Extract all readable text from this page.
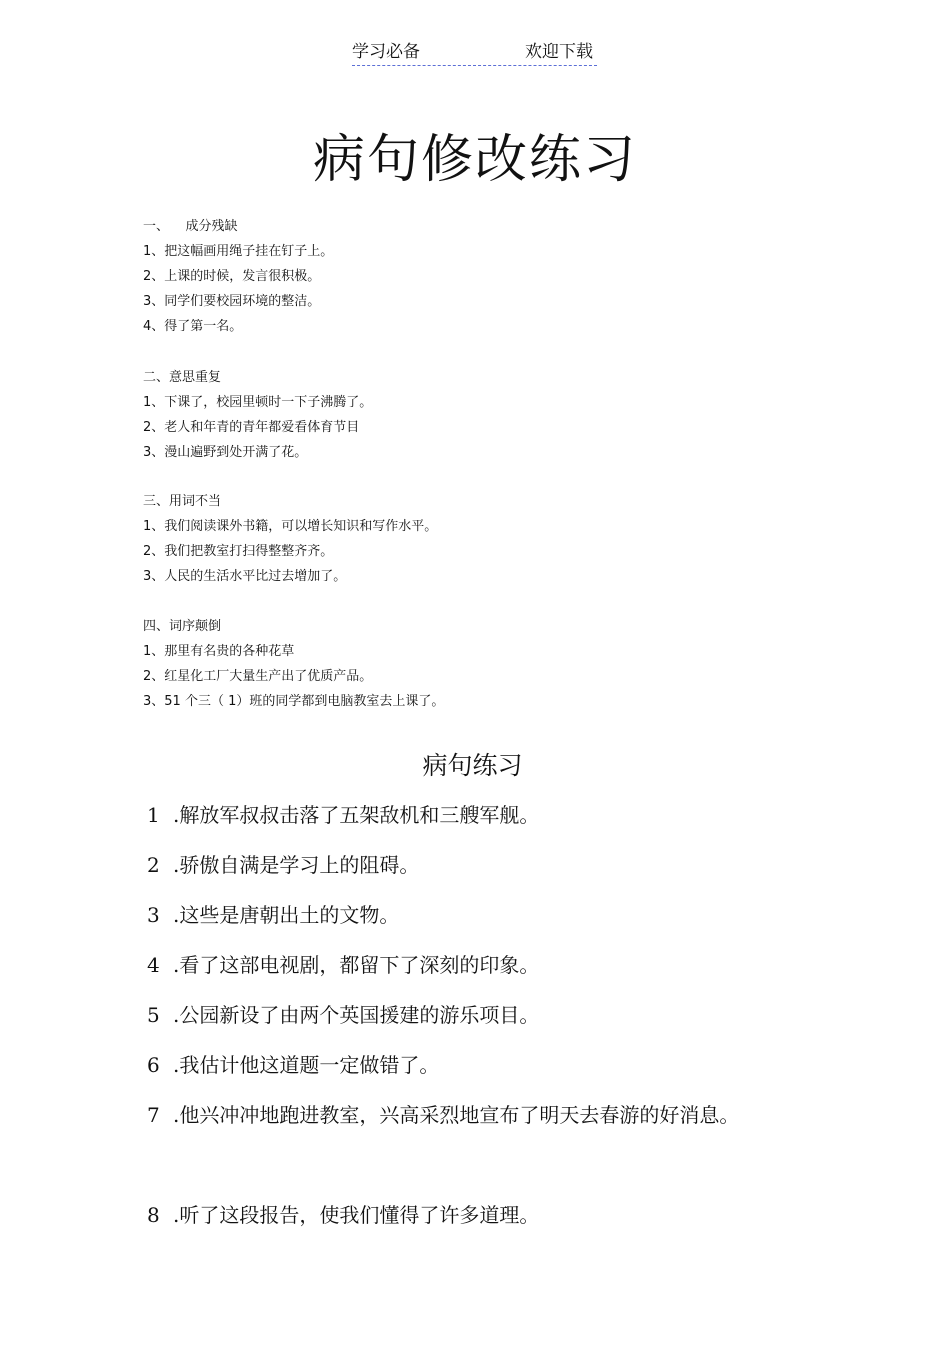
学习必备	欢迎下载
病句修改练习
一、    成分残缺
1、把这幅画用绳子挂在钉子上。
2、上课的时候，发言很积极。
3、同学们要校园环境的整洁。
4、得了第一名。
二、意思重复
1、下课了，校园里顿时一下子沸腾了。
2、老人和年青的青年都爱看体育节目
3、漫山遍野到处开满了花。
三、用词不当
1、我们阅读课外书籍，可以增长知识和写作水平。
2、我们把教室打扫得整整齐齐。
3、人民的生活水平比过去增加了。
四、词序颠倒
1、那里有名贵的各种花草
2、红星化工厂大量生产出了优质产品。
3、51 个三（ 1）班的同学都到电脑教室去上课了。
病句练习
1 .解放军叔叔击落了五架敌机和三艘军舰。
2 .骄傲自满是学习上的阻碍。
3 .这些是唐朝出土的文物。
4 .看了这部电视剧，都留下了深刻的印象。
5 .公园新设了由两个英国援建的游乐项目。
6 .我估计他这道题一定做错了。
7 .他兴冲冲地跑进教室，兴高采烈地宣布了明天去春游的好消息。
8 .听了这段报告，使我们懂得了许多道理。
